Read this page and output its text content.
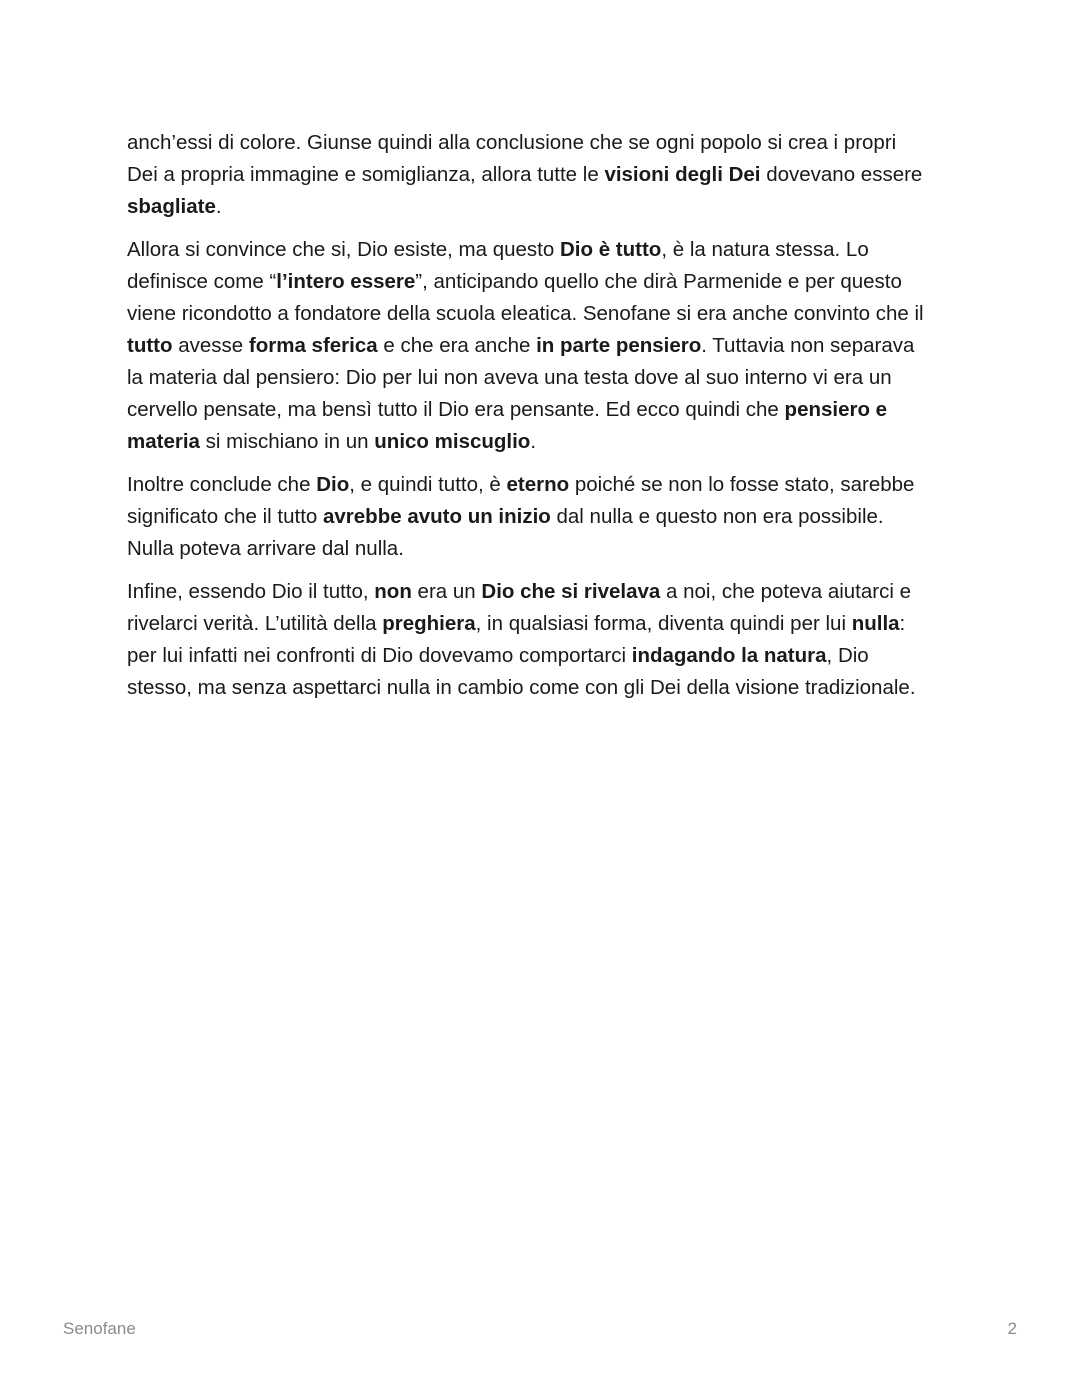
anch’essi di colore. Giunse quindi alla conclusione che se ogni popolo si crea i propri
Dei a propria immagine e somiglianza, allora tutte le visioni degli Dei dovevano essere
sbagliate.
Allora si convince che si, Dio esiste, ma questo Dio è tutto, è la natura stessa. Lo
definisce come “l’intero essere”, anticipando quello che dirà Parmenide e per questo
viene ricondotto a fondatore della scuola eleatica. Senofane si era anche convinto che il
tutto avesse forma sferica e che era anche in parte pensiero. Tuttavia non separava
la materia dal pensiero: Dio per lui non aveva una testa dove al suo interno vi era un
cervello pensate, ma bensì tutto il Dio era pensante. Ed ecco quindi che pensiero e
materia si mischiano in un unico miscuglio.
Inoltre conclude che Dio, e quindi tutto, è eterno poiché se non lo fosse stato, sarebbe
significato che il tutto avrebbe avuto un inizio dal nulla e questo non era possibile.
Nulla poteva arrivare dal nulla.
Infine, essendo Dio il tutto, non era un Dio che si rivelava a noi, che poteva aiutarci e
rivelarci verità. L’utilità della preghiera, in qualsiasi forma, diventa quindi per lui nulla:
per lui infatti nei confronti di Dio dovevamo comportarci indagando la natura, Dio
stesso, ma senza aspettarci nulla in cambio come con gli Dei della visione tradizionale.
Senofane	2
